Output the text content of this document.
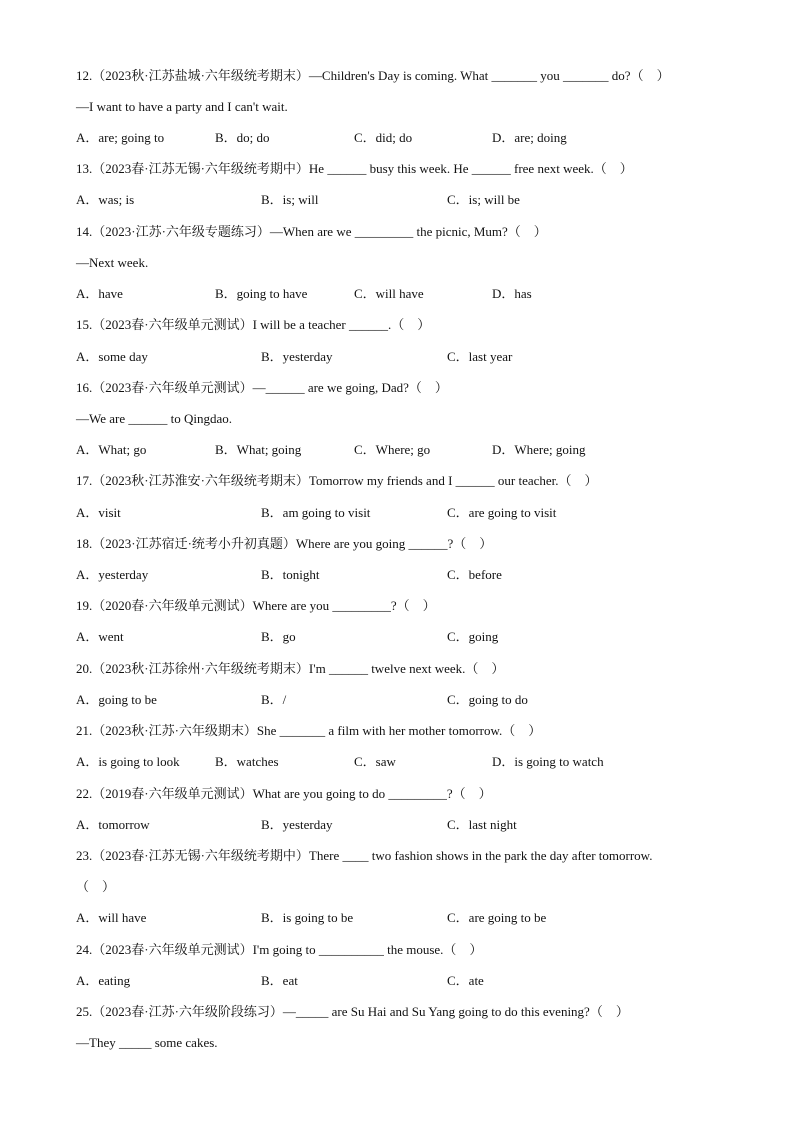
12.（2023秋·江苏盐城·六年级统考期末）—Children's Day is coming. What _______ you _______ do?（　）
—I want to have a party and I can't wait.
A．are; going to	B．do; do	C．did; do	D．are; doing
13.（2023春·江苏无锡·六年级统考期中）He ______ busy this week. He ______ free next week.（　）
A．was; is	B．is; will	C．is; will be
14.（2023·江苏·六年级专题练习）—When are we _________ the picnic, Mum?（　）
—Next week.
A．have	B．going to have	C．will have	D．has
15.（2023春·六年级单元测试）I will be a teacher ______.（　）
A．some day	B．yesterday	C．last year
16.（2023春·六年级单元测试）—______ are we going, Dad?（　）
—We are ______ to Qingdao.
A．What; go	B．What; going	C．Where; go	D．Where; going
17.（2023秋·江苏淮安·六年级统考期末）Tomorrow my friends and I ______ our teacher.（　）
A．visit	B．am going to visit	C．are going to visit
18.（2023·江苏宿迁·统考小升初真题）Where are you going ______?（　）
A．yesterday	B．tonight	C．before
19.（2020春·六年级单元测试）Where are you _________?（　）
A．went	B．go	C．going
20.（2023秋·江苏徐州·六年级统考期末）I'm ______ twelve next week.（　）
A．going to be	B．/	C．going to do
21.（2023秋·江苏·六年级期末）She _______ a film with her mother tomorrow.（　）
A．is going to look	B．watches	C．saw	D．is going to watch
22.（2019春·六年级单元测试）What are you going to do _________?（　）
A．tomorrow	B．yesterday	C．last night
23.（2023春·江苏无锡·六年级统考期中）There ____ two fashion shows in the park the day after tomorrow.
（　）
A．will have	B．is going to be	C．are going to be
24.（2023春·六年级单元测试）I'm going to __________ the mouse.（　）
A．eating	B．eat	C．ate
25.（2023春·江苏·六年级阶段练习）—_____ are Su Hai and Su Yang going to do this evening?（　）
—They _____ some cakes.
